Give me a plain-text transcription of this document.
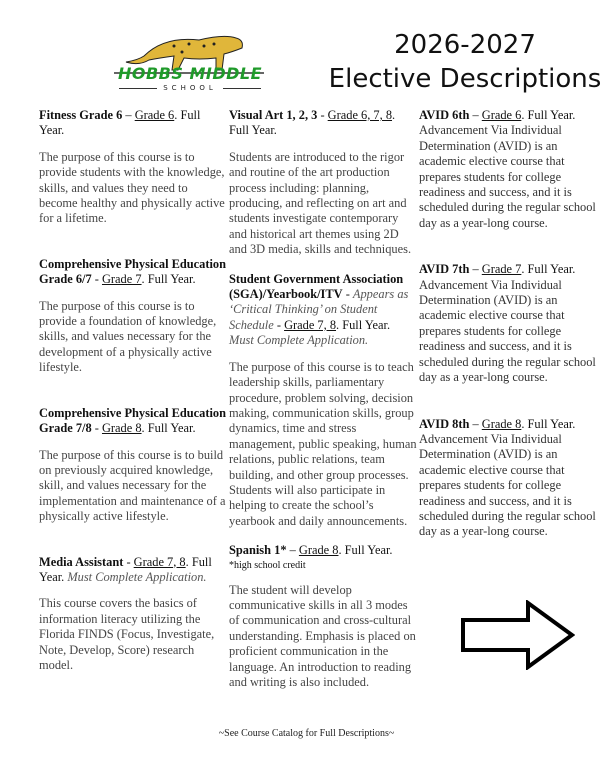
HOBBS MIDDLE
SCHOOL
2026-2027
Elective Descriptions
Fitness Grade 6 – Grade 6. Full Year.
The purpose of this course is to provide students with the knowledge, skills, and values they need to become healthy and physically active for a lifetime.
Comprehensive Physical Education Grade 6/7 - Grade 7. Full Year.
The purpose of this course is to provide a foundation of knowledge, skills, and values necessary for the development of a physically active lifestyle.
Comprehensive Physical Education Grade 7/8 - Grade 8. Full Year.
The purpose of this course is to build on previously acquired knowledge, skill, and values necessary for the implementation and maintenance of a physically active lifestyle.
Media Assistant - Grade 7, 8. Full Year. Must Complete Application.
This course covers the basics of information literacy utilizing the Florida FINDS (Focus, Investigate, Note, Develop, Score) research model.
Visual Art 1, 2, 3 - Grade 6, 7, 8. Full Year.
Students are introduced to the rigor and routine of the art production process including: planning, producing, and reflecting on art and students investigate contemporary and historical art themes using 2D and 3D media, skills and techniques.
Student Government Association (SGA)/Yearbook/ITV - Appears as ‘Critical Thinking’ on Student Schedule - Grade 7, 8. Full Year. Must Complete Application.
The purpose of this course is to teach leadership skills, parliamentary procedure, problem solving, decision making, communication skills, group dynamics, time and stress management, public speaking, human relations, public relations, team building, and other group processes. Students will also participate in helping to create the school’s yearbook and daily announcements.
Spanish 1* – Grade 8. Full Year.
*high school credit
The student will develop communicative skills in all 3 modes of communication and cross-cultural understanding. Emphasis is placed on proficient communication in the language. An introduction to reading and writing is also included.
AVID 6th – Grade 6. Full Year.
Advancement Via Individual Determination (AVID) is an academic elective course that prepares students for college readiness and success, and it is scheduled during the regular school day as a year-long course.
AVID 7th – Grade 7. Full Year.
Advancement Via Individual Determination (AVID) is an academic elective course that prepares students for college readiness and success, and it is scheduled during the regular school day as a year-long course.
AVID 8th – Grade 8. Full Year.
Advancement Via Individual Determination (AVID) is an academic elective course that prepares students for college readiness and success, and it is scheduled during the regular school day as a year-long course.
~See Course Catalog for Full Descriptions~
